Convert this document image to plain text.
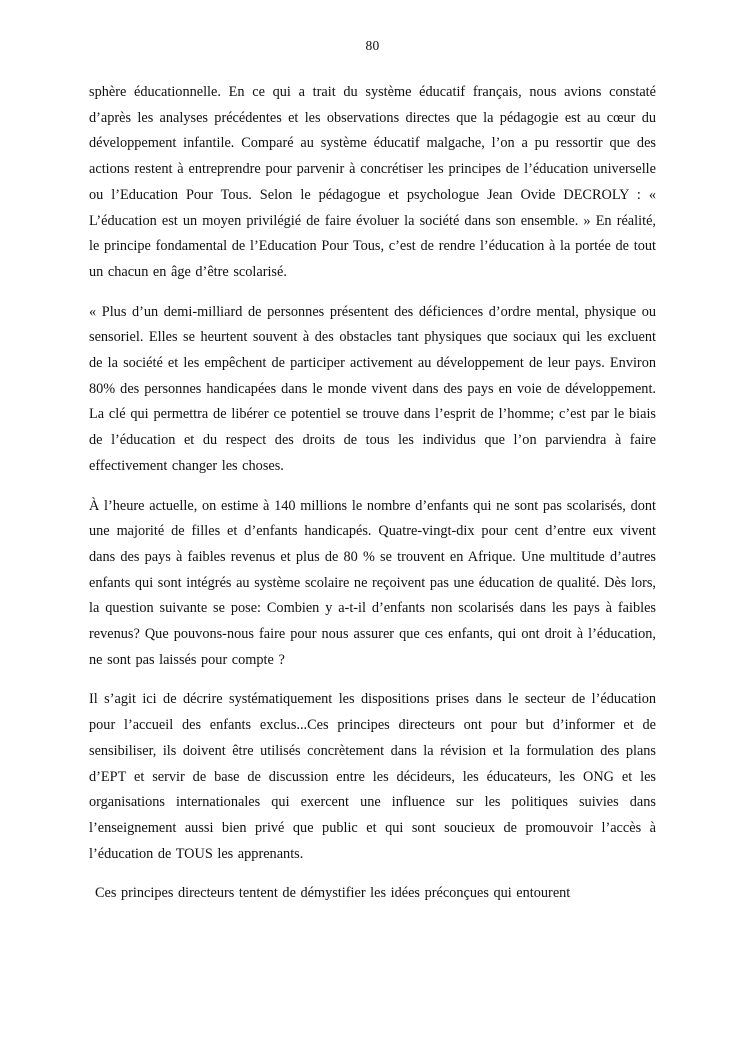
80

sphère éducationnelle. En ce qui a trait du système éducatif français, nous avions constaté d’après les analyses précédentes et les observations directes que la pédagogie est au cœur du développement infantile. Comparé au système éducatif malgache, l’on a pu ressortir que des actions restent à entreprendre pour parvenir à concrétiser les principes de l’éducation universelle ou l’Education Pour Tous. Selon le pédagogue et psychologue Jean Ovide DECROLY : « L’éducation est un moyen privilégié de faire évoluer la société dans son ensemble. » En réalité, le principe fondamental de l’Education Pour Tous, c’est de rendre l’éducation à la portée de tout un chacun en âge d’être scolarisé.

« Plus d’un demi-milliard de personnes présentent des déficiences d’ordre mental, physique ou sensoriel. Elles se heurtent souvent à des obstacles tant physiques que sociaux qui les excluent de la société et les empêchent de participer activement au développement de leur pays. Environ 80% des personnes handicapées dans le monde vivent dans des pays en voie de développement. La clé qui permettra de libérer ce potentiel se trouve dans l’esprit de l’homme; c’est par le biais de l’éducation et du respect des droits de tous les individus que l’on parviendra à faire effectivement changer les choses.

À l’heure actuelle, on estime à 140 millions le nombre d’enfants qui ne sont pas scolarisés, dont une majorité de filles et d’enfants handicapés. Quatre-vingt-dix pour cent d’entre eux vivent dans des pays à faibles revenus et plus de 80 % se trouvent en Afrique. Une multitude d’autres enfants qui sont intégrés au système scolaire ne reçoivent pas une éducation de qualité. Dès lors, la question suivante se pose: Combien y a-t-il d’enfants non scolarisés dans les pays à faibles revenus? Que pouvons-nous faire pour nous assurer que ces enfants, qui ont droit à l’éducation, ne sont pas laissés pour compte ?

Il s’agit ici de décrire systématiquement les dispositions prises dans le secteur de l’éducation pour l’accueil des enfants exclus...Ces principes directeurs ont pour but d’informer et de sensibiliser, ils doivent être utilisés concrètement dans la révision et la formulation des plans d’EPT et servir de base de discussion entre les décideurs, les éducateurs, les ONG et les organisations internationales qui exercent une influence sur les politiques suivies dans l’enseignement aussi bien privé que public et qui sont soucieux de promouvoir l’accès à l’éducation de TOUS les apprenants.

Ces principes directeurs tentent de démystifier les idées préconçues qui entourent
